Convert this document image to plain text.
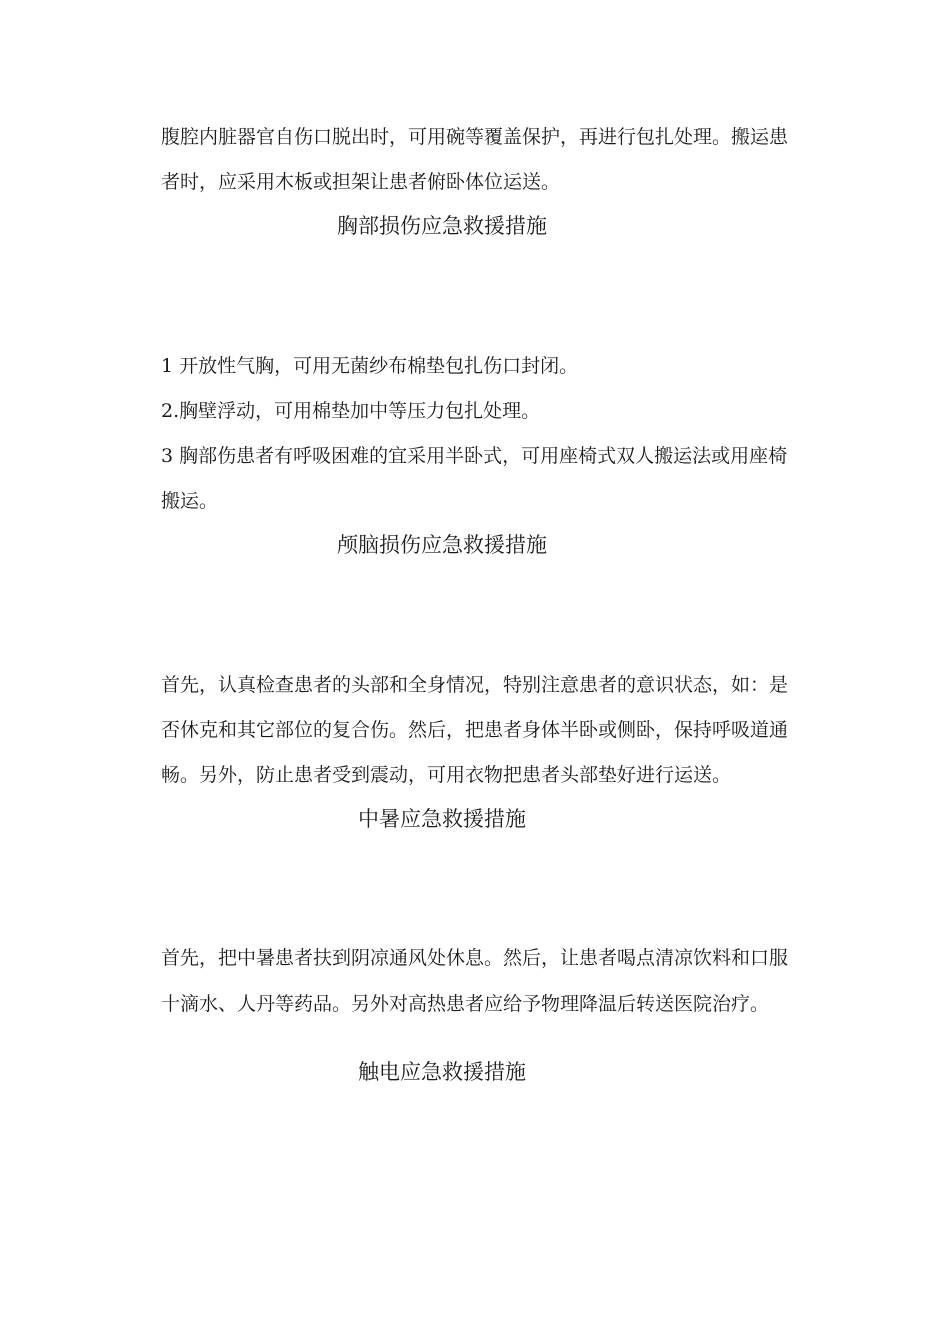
腹腔内脏器官自伤口脱出时，可用碗等覆盖保护，再进行包扎处理。搬运患
者时，应采用木板或担架让患者俯卧体位运送。
胸部损伤应急救援措施
1 开放性气胸，可用无菌纱布棉垫包扎伤口封闭。
2.胸壁浮动，可用棉垫加中等压力包扎处理。
3 胸部伤患者有呼吸困难的宜采用半卧式，可用座椅式双人搬运法或用座椅
搬运。
颅脑损伤应急救援措施
首先，认真检查患者的头部和全身情况，特别注意患者的意识状态，如：是
否休克和其它部位的复合伤。然后，把患者身体半卧或侧卧，保持呼吸道通
畅。另外，防止患者受到震动，可用衣物把患者头部垫好进行运送。
中暑应急救援措施
首先，把中暑患者扶到阴凉通风处休息。然后，让患者喝点清凉饮料和口服
十滴水、人丹等药品。另外对高热患者应给予物理降温后转送医院治疗。
触电应急救援措施
